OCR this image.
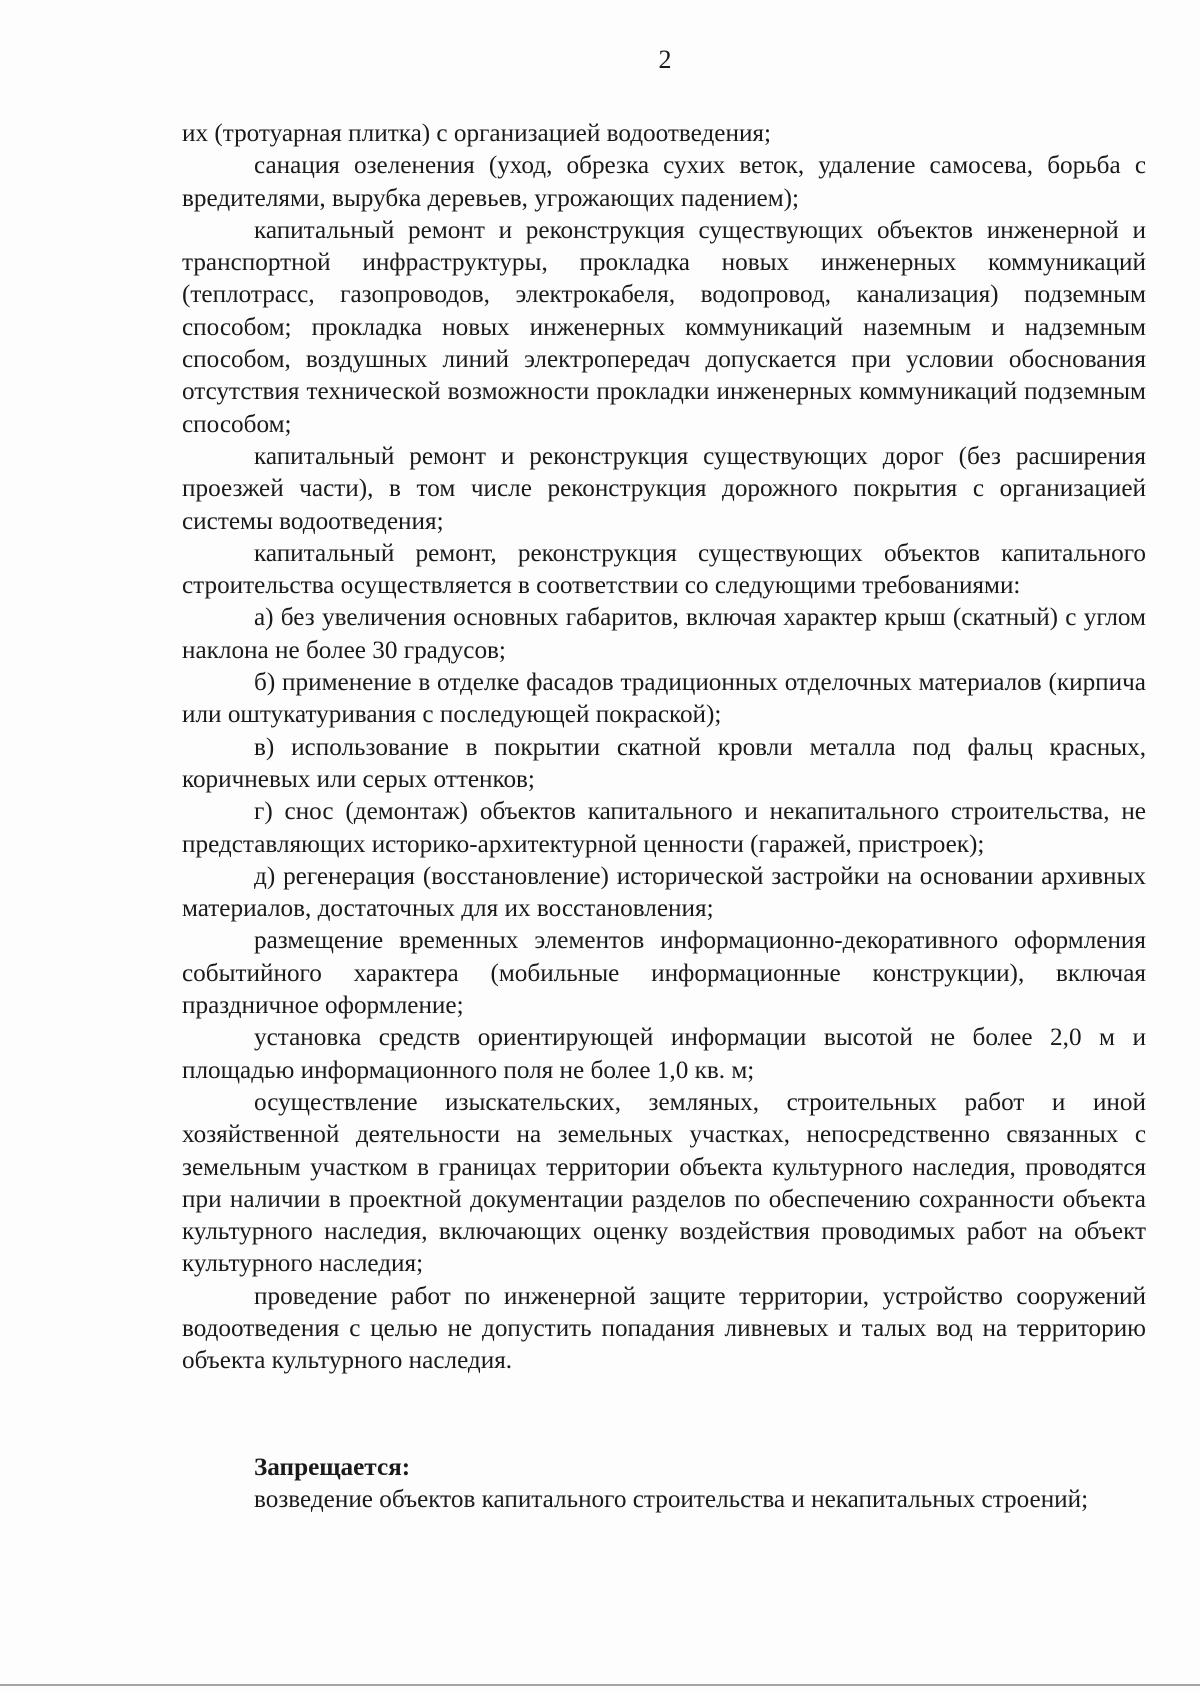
2

их (тротуарная плитка) с организацией водоотведения;

санация озеленения (уход, обрезка сухих веток, удаление самосева, борьба с вредителями, вырубка деревьев, угрожающих падением);

капитальный ремонт и реконструкция существующих объектов инженерной и транспортной инфраструктуры, прокладка новых инженерных коммуникаций (теплотрасс, газопроводов, электрокабеля, водопровод, канализация) подземным способом; прокладка новых инженерных коммуникаций наземным и надземным способом, воздушных линий электропередач допускается при условии обоснования отсутствия технической возможности прокладки инженерных коммуникаций подземным способом;

капитальный ремонт и реконструкция существующих дорог (без расширения проезжей части), в том числе реконструкция дорожного покрытия с организацией системы водоотведения;

капитальный ремонт, реконструкция существующих объектов капитального строительства осуществляется в соответствии со следующими требованиями:

а) без увеличения основных габаритов, включая характер крыш (скатный) с углом наклона не более 30 градусов;

б) применение в отделке фасадов традиционных отделочных материалов (кирпича или оштукатуривания с последующей покраской);

в) использование в покрытии скатной кровли металла под фальц красных, коричневых или серых оттенков;

г) снос (демонтаж) объектов капитального и некапитального строительства, не представляющих историко-архитектурной ценности (гаражей, пристроек);

д) регенерация (восстановление) исторической застройки на основании архивных материалов, достаточных для их восстановления;

размещение временных элементов информационно-декоративного оформления событийного характера (мобильные информационные конструкции), включая праздничное оформление;

установка средств ориентирующей информации высотой не более 2,0 м и площадью информационного поля не более 1,0 кв. м;

осуществление изыскательских, земляных, строительных работ и иной хозяйственной деятельности на земельных участках, непосредственно связанных с земельным участком в границах территории объекта культурного наследия, проводятся при наличии в проектной документации разделов по обеспечению сохранности объекта культурного наследия, включающих оценку воздействия проводимых работ на объект культурного наследия;

проведение работ по инженерной защите территории, устройство сооружений водоотведения с целью не допустить попадания ливневых и талых вод на территорию объекта культурного наследия.

Запрещается:

возведение объектов капитального строительства и некапитальных строений;
